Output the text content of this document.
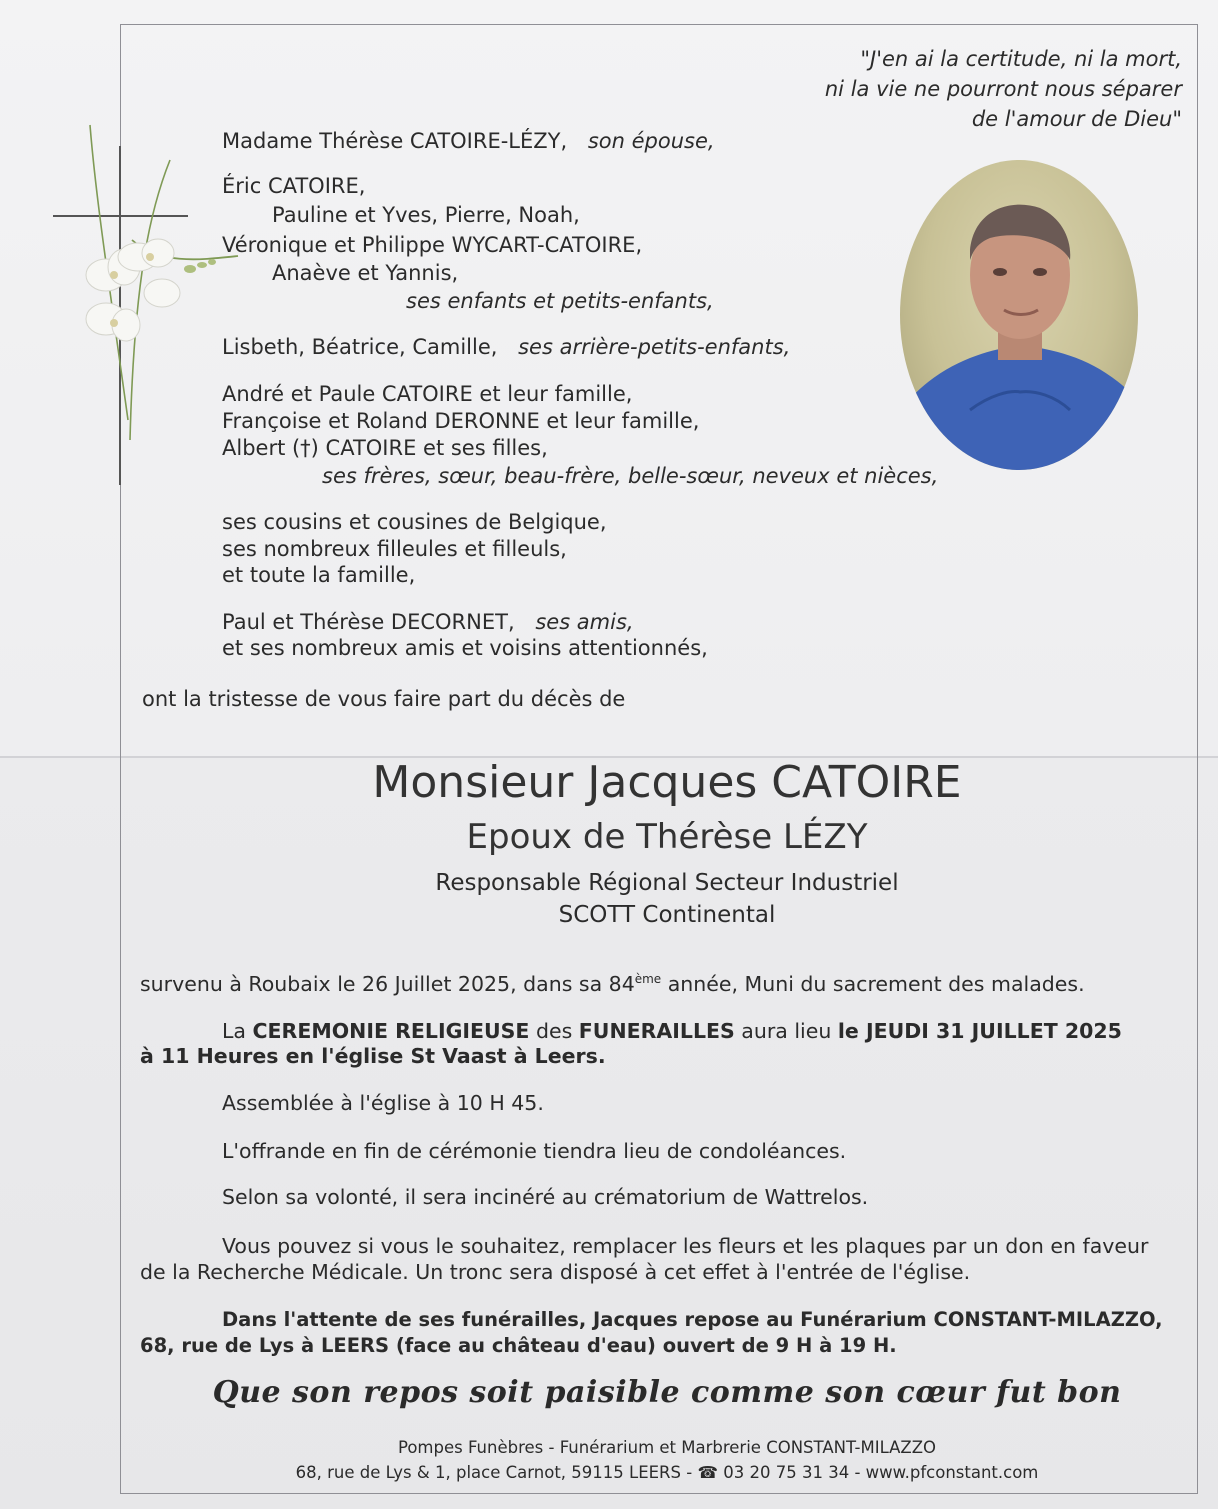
"J'en ai la certitude, ni la mort,
ni la vie ne pourront nous séparer
de l'amour de Dieu"
Madame Thérèse CATOIRE-LÉZY, son épouse,
Éric CATOIRE,
Pauline et Yves, Pierre, Noah,
Véronique et Philippe WYCART-CATOIRE,
Anaève et Yannis,
ses enfants et petits-enfants,
Lisbeth, Béatrice, Camille, ses arrière-petits-enfants,
André et Paule CATOIRE et leur famille,
Françoise et Roland DERONNE et leur famille,
Albert (†) CATOIRE et ses filles,
ses frères, sœur, beau-frère, belle-sœur, neveux et nièces,
ses cousins et cousines de Belgique,
ses nombreux filleules et filleuls,
et toute la famille,
Paul et Thérèse DECORNET, ses amis,
et ses nombreux amis et voisins attentionnés,
ont la tristesse de vous faire part du décès de
Monsieur Jacques CATOIRE
Epoux de Thérèse LÉZY
Responsable Régional Secteur Industriel
SCOTT Continental
survenu à Roubaix le 26 Juillet 2025, dans sa 84ème année, Muni du sacrement des malades.
La CEREMONIE RELIGIEUSE des FUNERAILLES aura lieu le JEUDI 31 JUILLET 2025
à 11 Heures en l'église St Vaast à Leers.
Assemblée à l'église à 10 H 45.
L'offrande en fin de cérémonie tiendra lieu de condoléances.
Selon sa volonté, il sera incinéré au crématorium de Wattrelos.
Vous pouvez si vous le souhaitez, remplacer les fleurs et les plaques par un don en faveur
de la Recherche Médicale. Un tronc sera disposé à cet effet à l'entrée de l'église.
Dans l'attente de ses funérailles, Jacques repose au Funérarium CONSTANT-MILAZZO,
68, rue de Lys à LEERS (face au château d'eau) ouvert de 9 H à 19 H.
Que son repos soit paisible comme son cœur fut bon
Pompes Funèbres - Funérarium et Marbrerie CONSTANT-MILAZZO
68, rue de Lys & 1, place Carnot, 59115 LEERS - ☎ 03 20 75 31 34 - www.pfconstant.com
